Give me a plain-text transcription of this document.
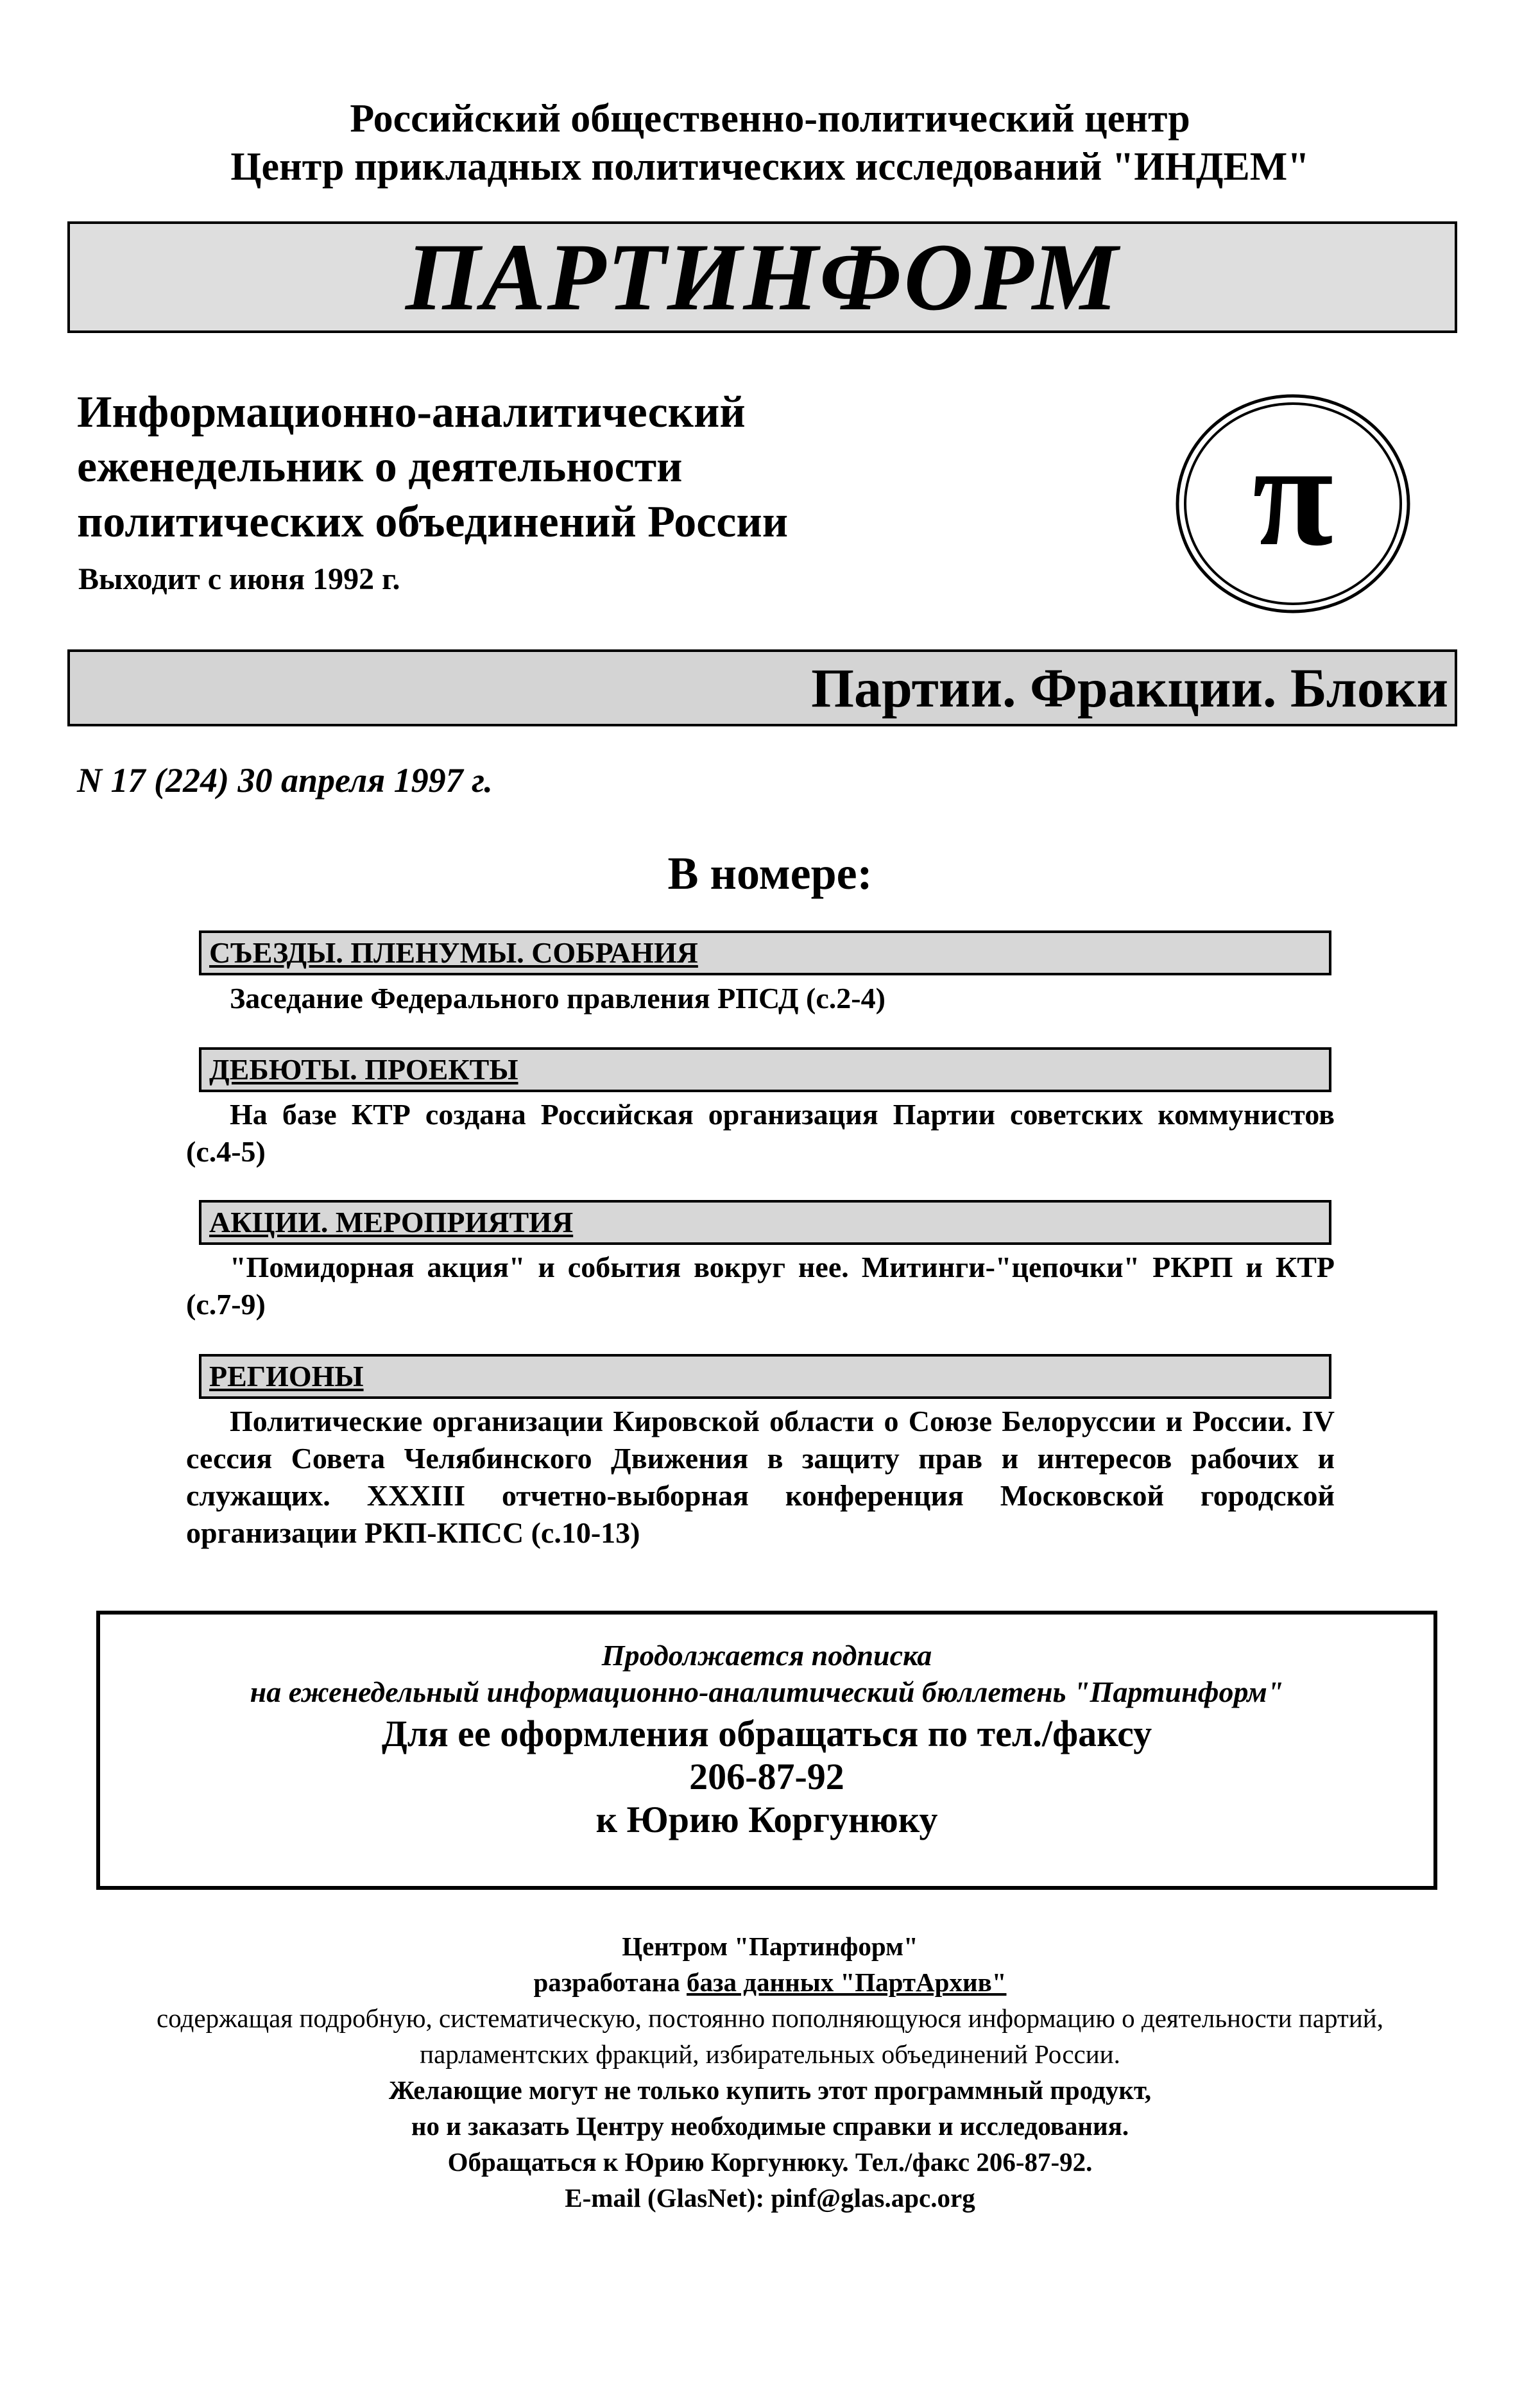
Российский общественно-политический центр
Центр прикладных политических исследований "ИНДЕМ"
ПАРТИНФОРМ
Информационно-аналитический
еженедельник о деятельности
политических объединений России
Выходит с июня 1992 г.
π
Партии. Фракции. Блоки
N 17 (224) 30 апреля 1997 г.
В номере:
СЪЕЗДЫ. ПЛЕНУМЫ. СОБРАНИЯ
Заседание Федерального правления РПСД (с.2-4)
ДЕБЮТЫ. ПРОЕКТЫ
На базе КТР создана Российская организация Партии советских коммунистов (с.4-5)
АКЦИИ. МЕРОПРИЯТИЯ
"Помидорная акция" и события вокруг нее. Митинги-"цепочки" РКРП и КТР (с.7-9)
РЕГИОНЫ
Политические организации Кировской области о Союзе Белоруссии и России. IV сессия Совета Челябинского Движения в защиту прав и интересов рабочих и служащих. XXXIII отчетно-выборная конференция Московской городской организации РКП-КПСС (с.10-13)
Продолжается подписка
на еженедельный информационно-аналитический бюллетень "Партинформ"
Для ее оформления обращаться по тел./факсу
206-87-92
к Юрию Коргунюку
Центром "Партинформ"
разработана база данных "ПартАрхив"
содержащая подробную, систематическую, постоянно пополняющуюся информацию о деятельности партий,
парламентских фракций, избирательных объединений России.
Желающие могут не только купить этот программный продукт,
но и заказать Центру необходимые справки и исследования.
Обращаться к Юрию Коргунюку. Тел./факс 206-87-92.
E-mail (GlasNet): pinf@glas.apc.org
